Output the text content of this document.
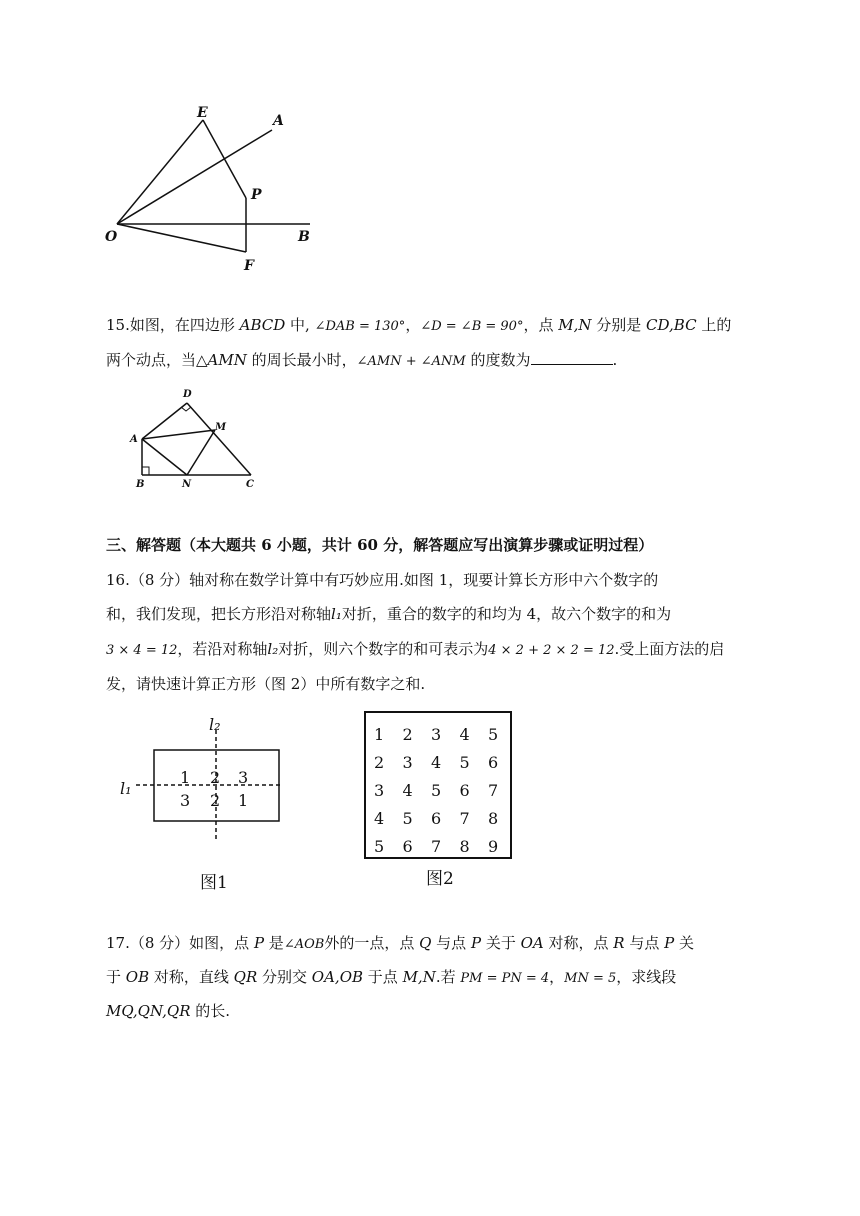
E	A
P
O	B
F
15.如图，在四边形 ABCD 中, ∠DAB = 130°，∠D = ∠B = 90°，点 M,N 分别是 CD,BC 上的
两个动点，当△AMN 的周长最小时，∠AMN + ∠ANM 的度数为	.
D
M
A
B	N	C
三、解答题（本大题共 6 小题，共计 60 分，解答题应写出演算步骤或证明过程）
16.（8 分）轴对称在数学计算中有巧妙应用.如图 1，现要计算长方形中六个数字的
和，我们发现，把长方形沿对称轴l₁对折，重合的数字的和均为 4，故六个数字的和为
3 × 4 = 12，若沿对称轴l₂对折，则六个数字的和可表示为4 × 2 + 2 × 2 = 12.受上面方法的启
发，请快速计算正方形（图 2）中所有数字之和.
l₂
l₁
1 2 3
3 2 1
图1
1 2 3 4 5
2 3 4 5 6
3 4 5 6 7
4 5 6 7 8
5 6 7 8 9
图2
17.（8 分）如图，点 P 是∠AOB外的一点，点 Q 与点 P 关于 OA 对称，点 R 与点 P 关
于 OB 对称，直线 QR 分别交 OA,OB 于点 M,N.若 PM = PN = 4，MN = 5，求线段
MQ,QN,QR 的长.
